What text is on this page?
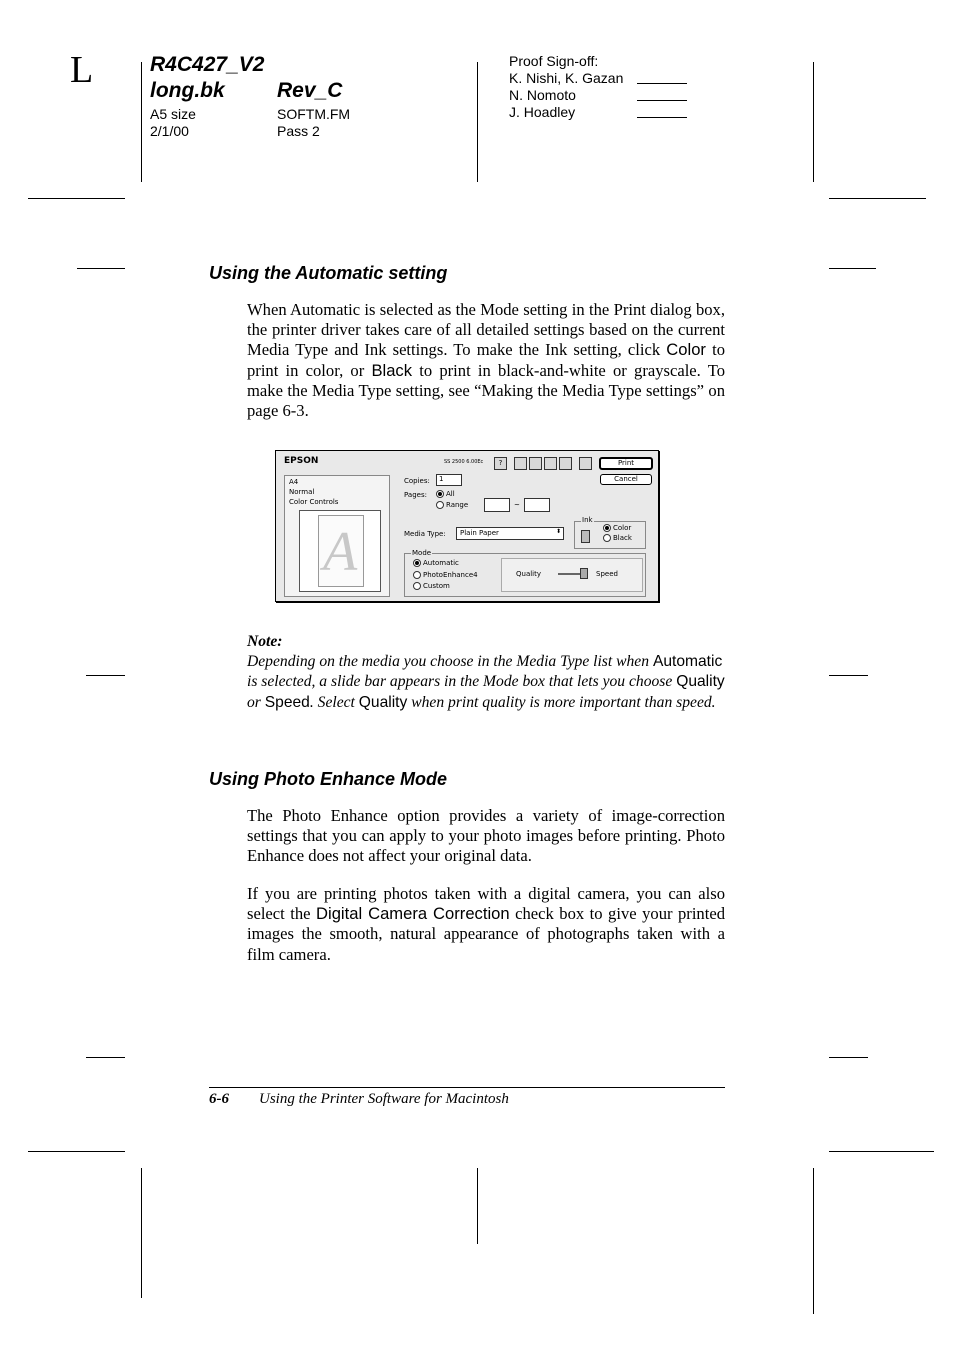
L	R4C427_V2
long.bk Rev_C
A5 size	SOFTM.FM
2/1/00	Pass 2
Proof Sign-off:
K. Nishi, K. Gazan
N. Nomoto
J. Hoadley
Using the Automatic setting

When Automatic is selected as the Mode setting in the Print dialog box, the printer driver takes care of all detailed settings based on the current Media Type and Ink settings. To make the Ink setting, click Color to print in color, or Black to print in black-and-white or grayscale. To make the Media Type setting, see “Making the Media Type settings” on page 6-3.

EPSON	SS 2500 6.00Ес	?	Print
Cancel
A4
Normal
Color Controls
A
Copies: 1
Pages:	All
Range	~
Media Type: Plain Paper	⬍
Ink
Color
Black
Mode
Automatic
PhotoEnhance4
Custom
Quality	Speed
Note:

Depending on the media you choose in the Media Type list when Automatic is selected, a slide bar appears in the Mode box that lets you choose Quality or Speed. Select Quality when print quality is more important than speed.

Using Photo Enhance Mode

The Photo Enhance option provides a variety of image-correction settings that you can apply to your photo images before printing. Photo Enhance does not affect your original data.

If you are printing photos taken with a digital camera, you can also select the Digital Camera Correction check box to give your printed images the smooth, natural appearance of photographs taken with a film camera.

6-6 Using the Printer Software for Macintosh
